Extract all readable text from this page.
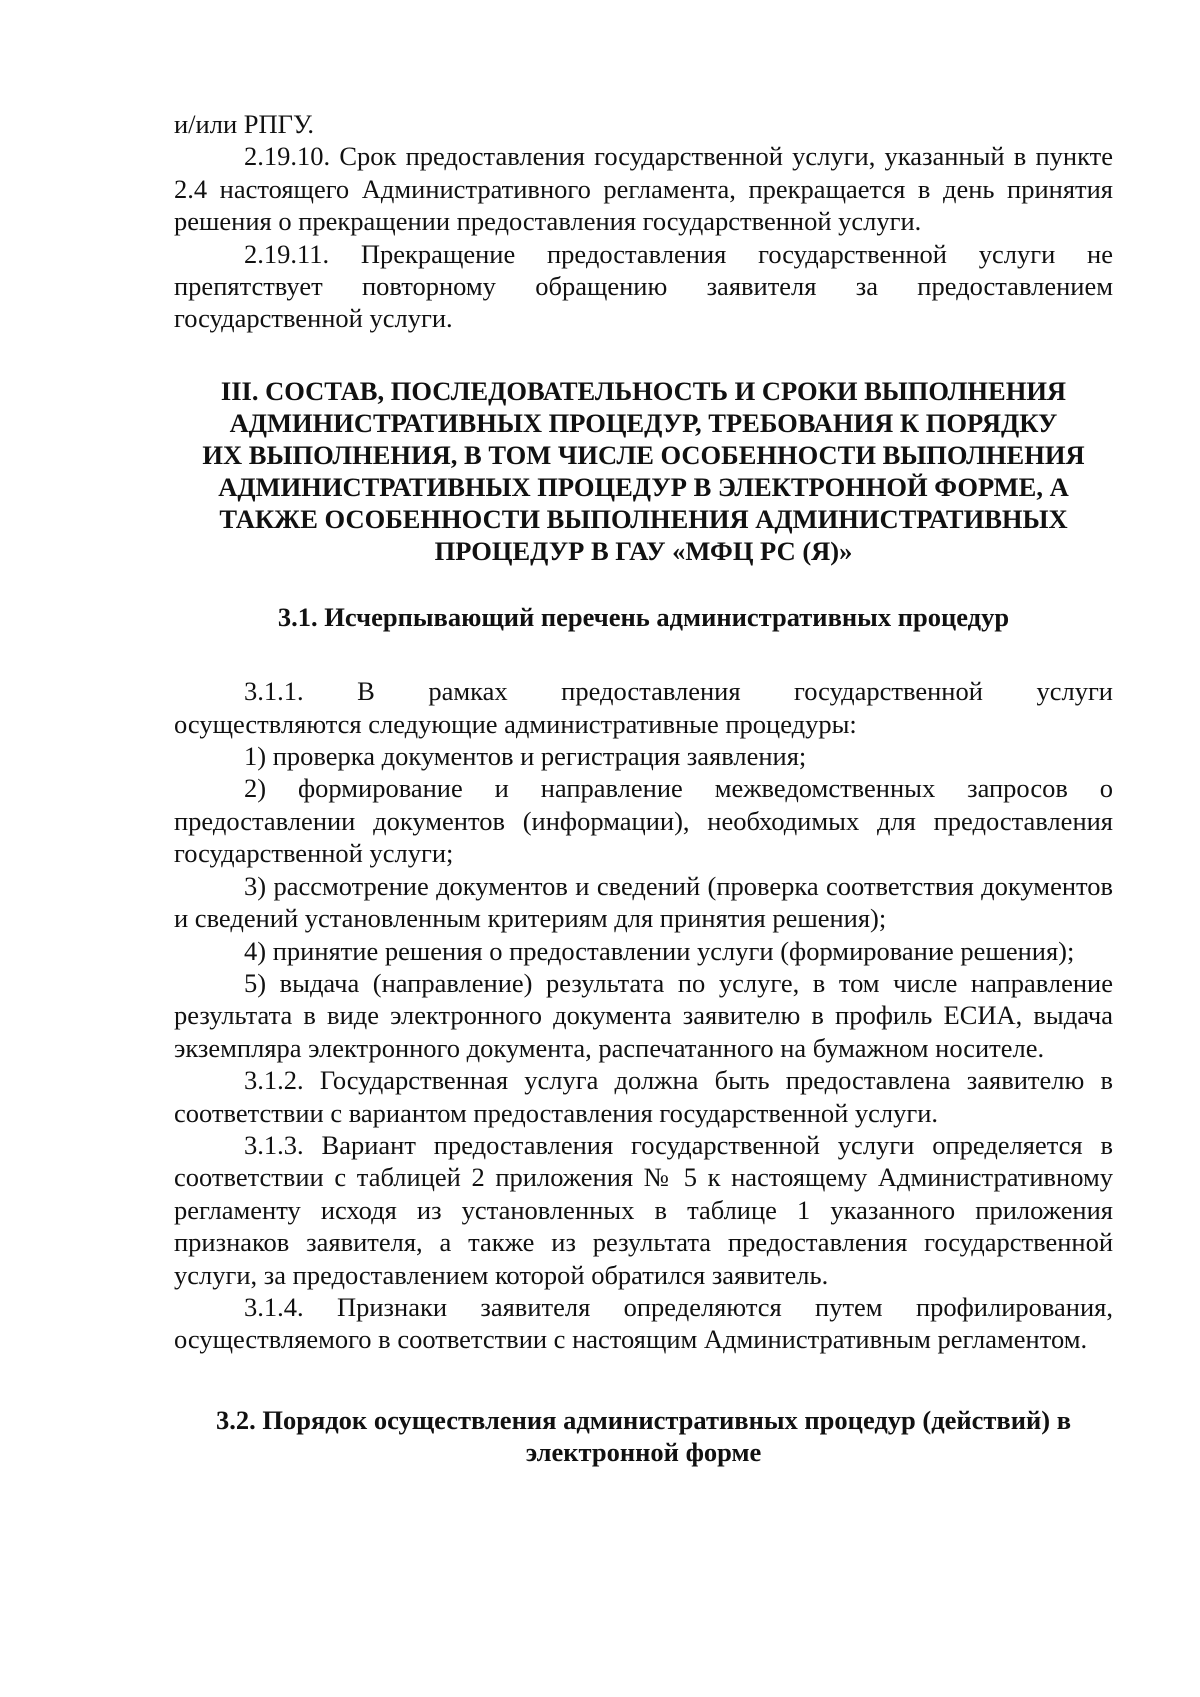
и/или РПГУ.

2.19.10. Срок предоставления государственной услуги, указанный в пункте 2.4 настоящего Административного регламента, прекращается в день принятия решения о прекращении предоставления государственной услуги.

2.19.11. Прекращение предоставления государственной услуги не препятствует повторному обращению заявителя за предоставлением государственной услуги.

III. СОСТАВ, ПОСЛЕДОВАТЕЛЬНОСТЬ И СРОКИ ВЫПОЛНЕНИЯ
АДМИНИСТРАТИВНЫХ ПРОЦЕДУР, ТРЕБОВАНИЯ К ПОРЯДКУ
ИХ ВЫПОЛНЕНИЯ, В ТОМ ЧИСЛЕ ОСОБЕННОСТИ ВЫПОЛНЕНИЯ
АДМИНИСТРАТИВНЫХ ПРОЦЕДУР В ЭЛЕКТРОННОЙ ФОРМЕ, А
ТАКЖЕ ОСОБЕННОСТИ ВЫПОЛНЕНИЯ АДМИНИСТРАТИВНЫХ
ПРОЦЕДУР В ГАУ «МФЦ РС (Я)»
3.1. Исчерпывающий перечень административных процедур

3.1.1. В рамках предоставления государственной услуги

осуществляются следующие административные процедуры:

1) проверка документов и регистрация заявления;

2) формирование и направление межведомственных запросов о предоставлении документов (информации), необходимых для предоставления государственной услуги;

3) рассмотрение документов и сведений (проверка соответствия документов и сведений установленным критериям для принятия решения);

4) принятие решения о предоставлении услуги (формирование решения);

5) выдача (направление) результата по услуге, в том числе направление результата в виде электронного документа заявителю в профиль ЕСИА, выдача экземпляра электронного документа, распечатанного на бумажном носителе.

3.1.2. Государственная услуга должна быть предоставлена заявителю в соответствии с вариантом предоставления государственной услуги.

3.1.3. Вариант предоставления государственной услуги определяется в соответствии с таблицей 2 приложения № 5 к настоящему Административному регламенту исходя из установленных в таблице 1 указанного приложения признаков заявителя, а также из результата предоставления государственной услуги, за предоставлением которой обратился заявитель.

3.1.4. Признаки заявителя определяются путем профилирования, осуществляемого в соответствии с настоящим Административным регламентом.

3.2. Порядок осуществления административных процедур (действий) в
электронной форме
